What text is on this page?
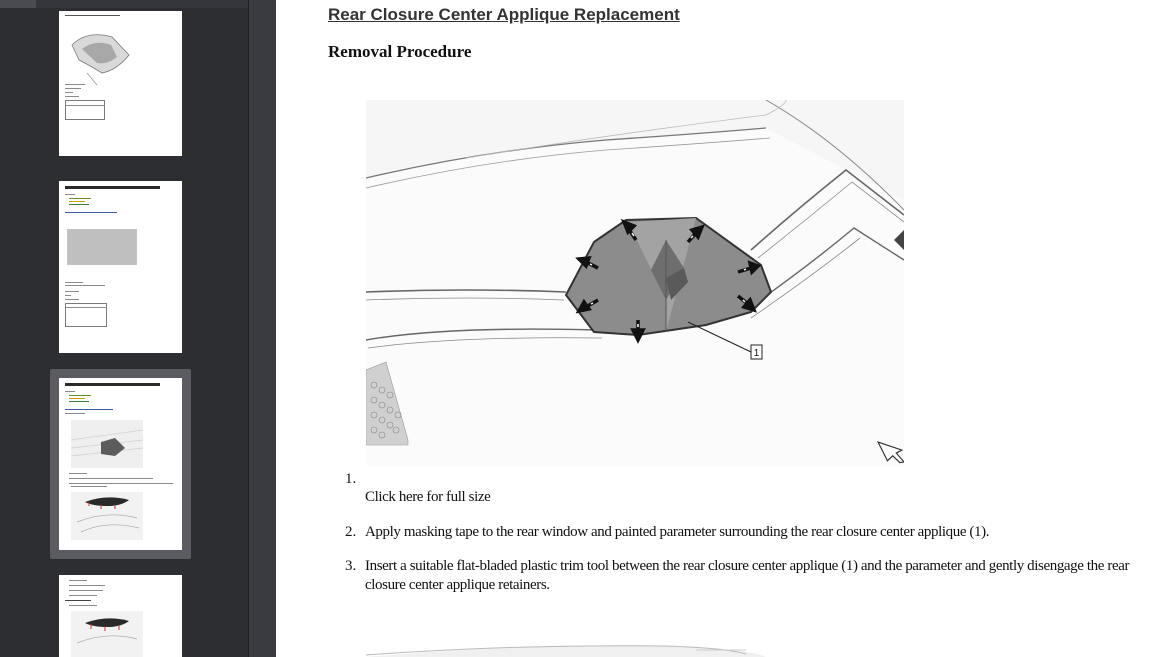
Rear Closure Center Applique Replacement
Removal Procedure
1
1.
Click here for full size
2. Apply masking tape to the rear window and painted parameter surrounding the rear closure center applique (1).
3. Insert a suitable flat-bladed plastic trim tool between the rear closure center applique (1) and the parameter and gently disengage the rear closure center applique retainers.
